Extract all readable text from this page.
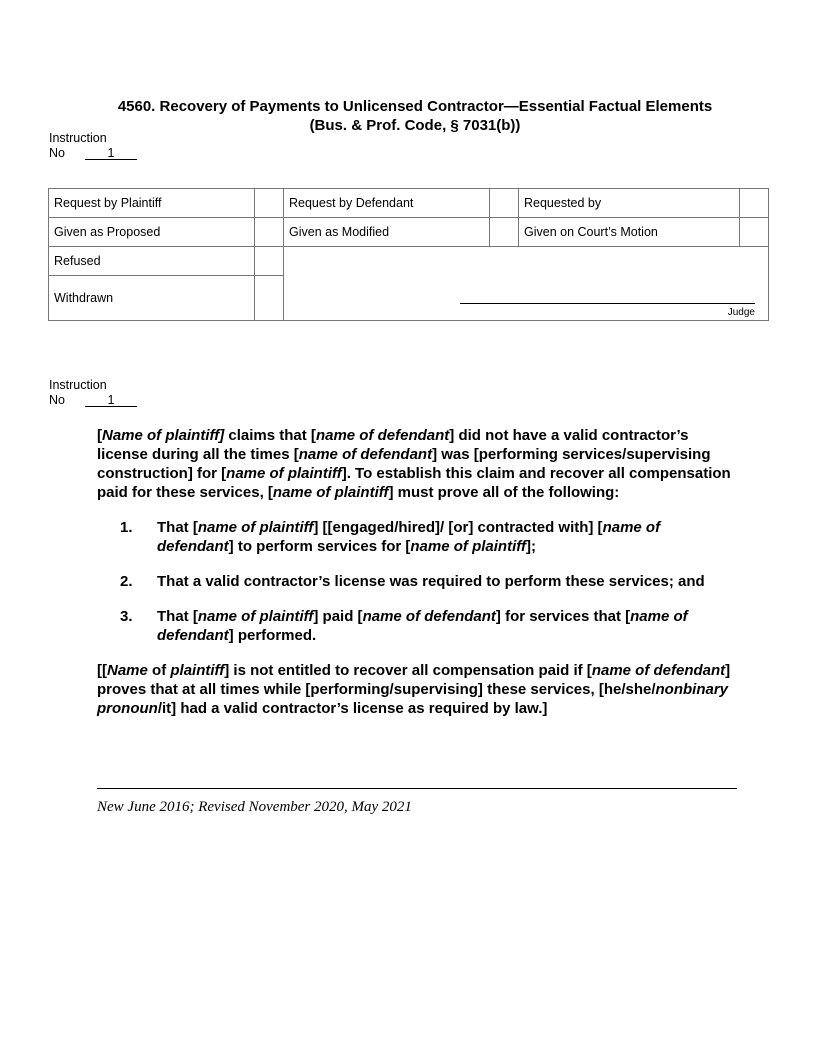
4560. Recovery of Payments to Unlicensed Contractor—Essential Factual Elements
(Bus. & Prof. Code, § 7031(b))
Instruction
No	1
Request by Plaintiff		Request by Defendant		Requested by	
Given as Proposed		Given as Modified		Given on Court’s Motion	
Refused		Judge			

Withdrawn					
Instruction
No	1

[Name of plaintiff] claims that [name of defendant] did not have a valid contractor’s license during all the times [name of defendant] was [performing services/supervising construction] for [name of plaintiff]. To establish this claim and recover all compensation paid for these services, [name of plaintiff] must prove all of the following:

1. That [name of plaintiff] [[engaged/hired]/ [or] contracted with] [name of defendant] to perform services for [name of plaintiff];

2. That a valid contractor’s license was required to perform these services; and

3. That [name of plaintiff] paid [name of defendant] for services that [name of defendant] performed.

[[Name of plaintiff] is not entitled to recover all compensation paid if [name of defendant] proves that at all times while [performing/supervising] these services, [he/she/nonbinary pronoun/it] had a valid contractor’s license as required by law.]

New June 2016; Revised November 2020, May 2021
